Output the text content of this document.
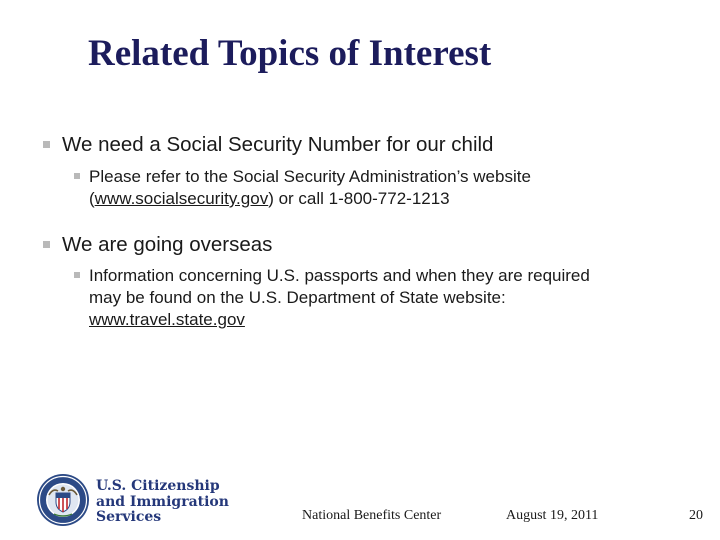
Related Topics of Interest
We need a Social Security Number for our child
Please refer to the Social Security Administration’s website
(www.socialsecurity.gov) or call 1-800-772-1213
We are going overseas
Information concerning U.S. passports and when they are required
may be found on the U.S. Department of State website:
www.travel.state.gov
U.S. Citizenship
and Immigration
Services	National Benefits Center	August 19, 2011	20
